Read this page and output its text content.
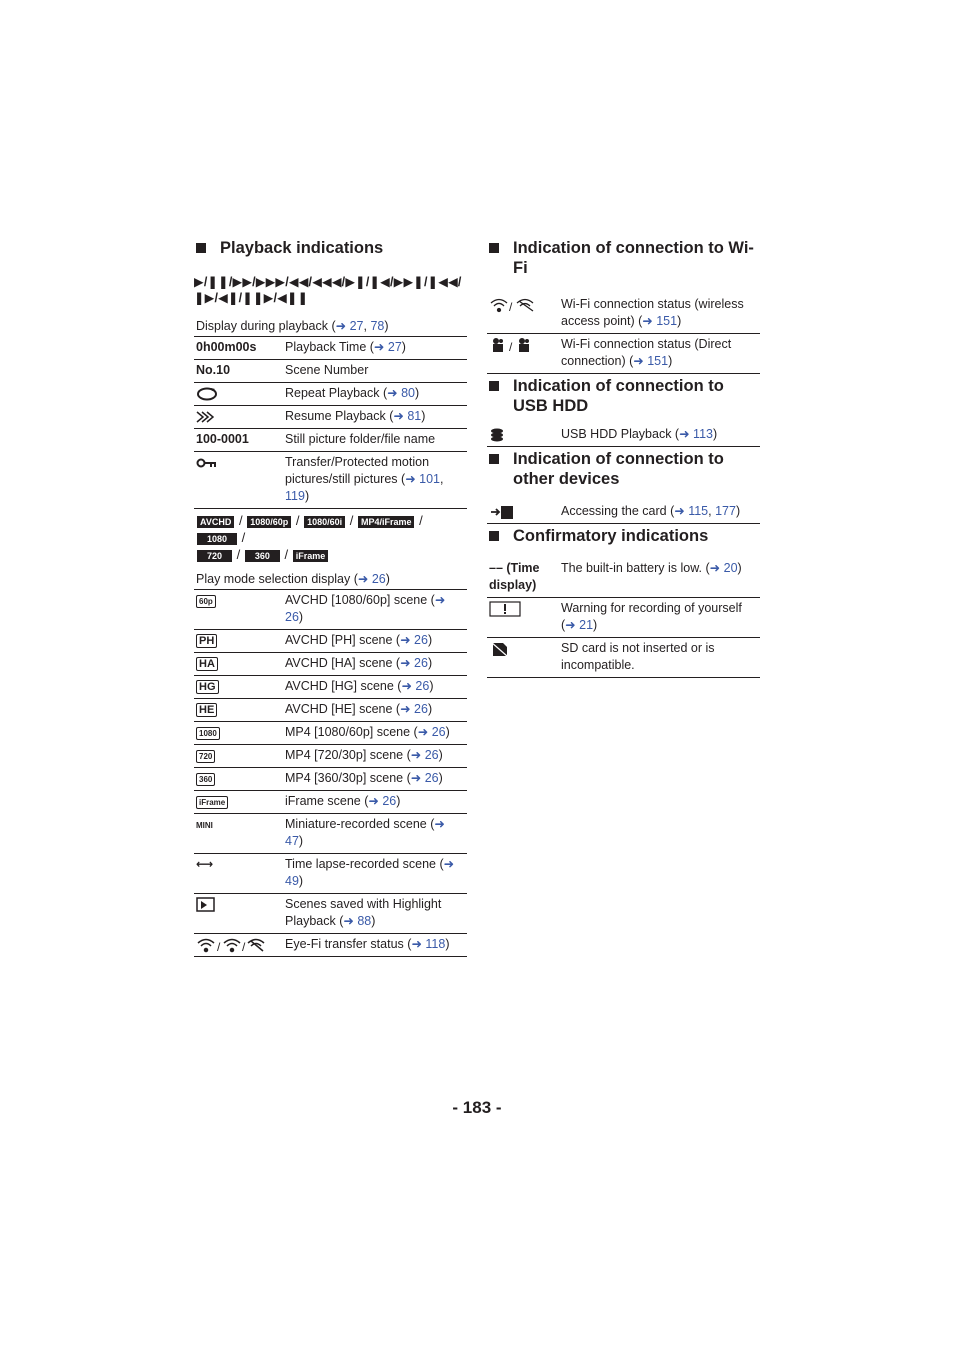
Playback indications
▶/❚❚/▶▶/▶▶▶/◀◀/◀◀◀/▶❚/❚◀/▶▶❚/❚◀◀/
❚▶/◀❚/❚❚▶/◀❚❚
Display during playback (➜ 27, 78)
0h00m00s	Playback Time (➜ 27)
No.10	Scene Number
	Repeat Playback (➜ 80)
	Resume Playback (➜ 81)
100-0001	Still picture folder/file name
	Transfer/Protected motion pictures/still pictures (➜ 101, 119)
AVCHD / 1080/60p / 1080/60i / MP4/iFrame / 1080 /
720 / 360 / iFrame
Play mode selection display (➜ 26)
60p	AVCHD [1080/60p] scene (➜ 26)
PH	AVCHD [PH] scene (➜ 26)
HA	AVCHD [HA] scene (➜ 26)
HG	AVCHD [HG] scene (➜ 26)
HE	AVCHD [HE] scene (➜ 26)
1080	MP4 [1080/60p] scene (➜ 26)
720	MP4 [720/30p] scene (➜ 26)
360	MP4 [360/30p] scene (➜ 26)
iFrame	iFrame scene (➜ 26)
MINI	Miniature-recorded scene (➜ 47)
⟷	Time lapse-recorded scene (➜ 49)
	Scenes saved with Highlight Playback (➜ 88)

/ /	Eye-Fi transfer status (➜ 118)
Indication of connection to Wi-Fi
/	Wi-Fi connection status (wireless access point) (➜ 151)

/	Wi-Fi connection status (Direct connection) (➜ 151)
Indication of connection to USB HDD
	USB HDD Playback (➜ 113)
Indication of connection to other devices
	Accessing the card (➜ 115, 177)
Confirmatory indications
–– (Time display)	The built-in battery is low. (➜ 20)
	Warning for recording of yourself (➜ 21)
	SD card is not inserted or is incompatible.
- 183 -
